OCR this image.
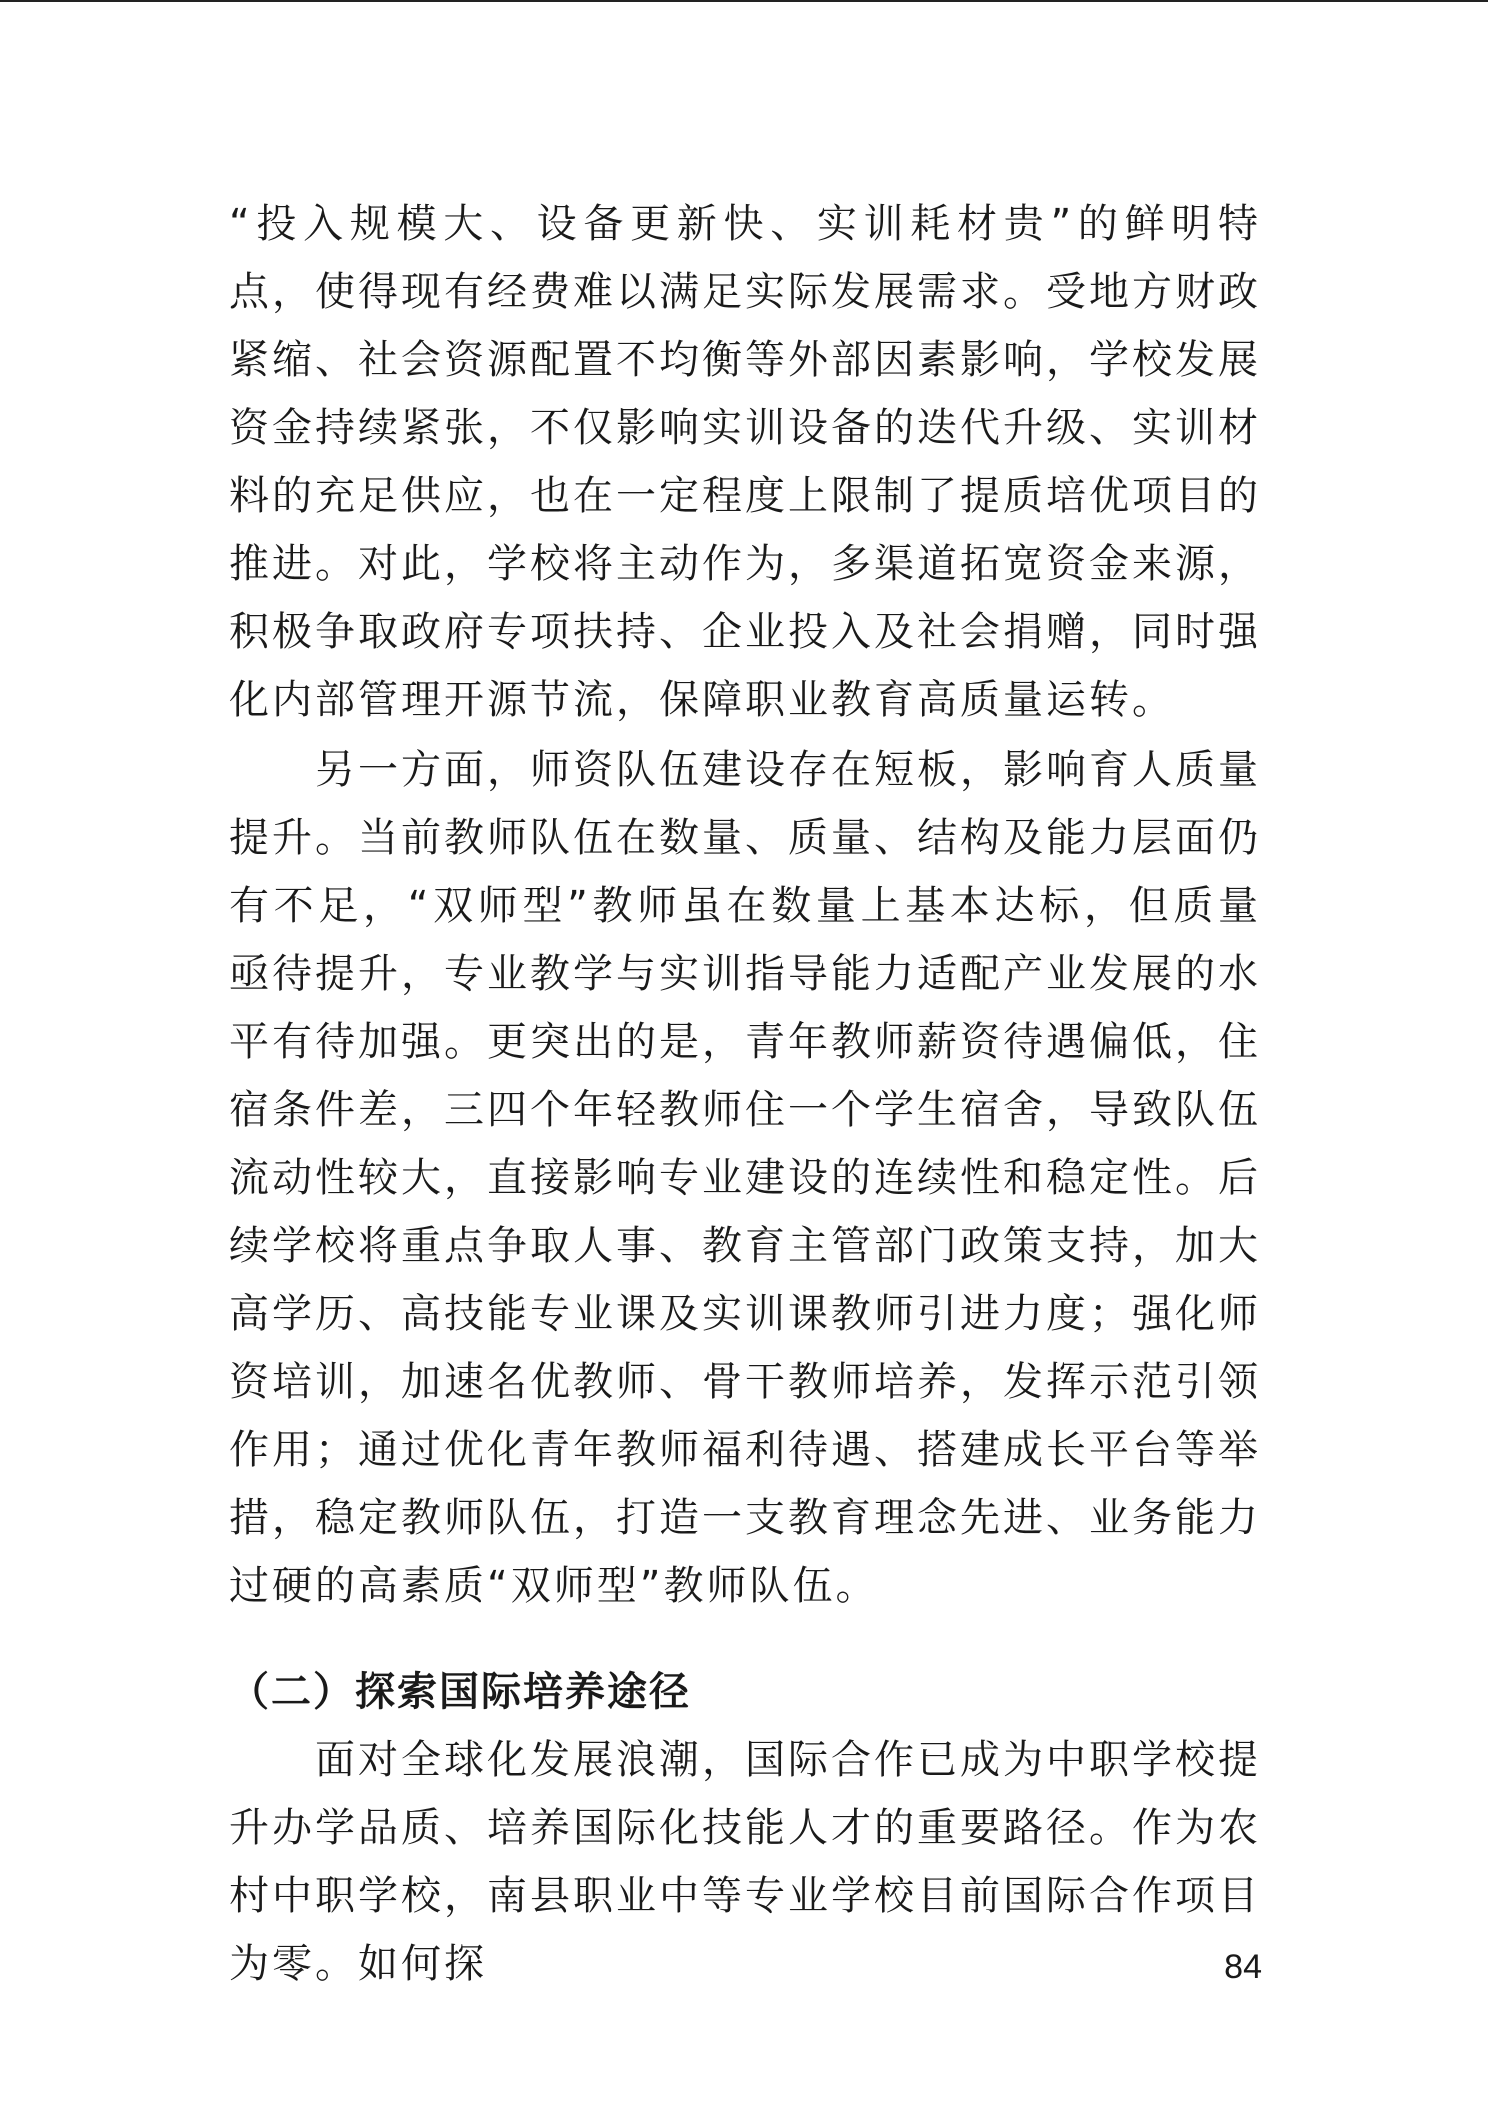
“投入规模大、设备更新快、实训耗材贵”的鲜明特点，使得现有经费难以满足实际发展需求。受地方财政紧缩、社会资源配置不均衡等外部因素影响，学校发展资金持续紧张，不仅影响实训设备的迭代升级、实训材料的充足供应，也在一定程度上限制了提质培优项目的推进。对此，学校将主动作为，多渠道拓宽资金来源，积极争取政府专项扶持、企业投入及社会捐赠，同时强化内部管理开源节流，保障职业教育高质量运转。

另一方面，师资队伍建设存在短板，影响育人质量提升。当前教师队伍在数量、质量、结构及能力层面仍有不足，“双师型”教师虽在数量上基本达标，但质量亟待提升，专业教学与实训指导能力适配产业发展的水平有待加强。更突出的是，青年教师薪资待遇偏低，住宿条件差，三四个年轻教师住一个学生宿舍，导致队伍流动性较大，直接影响专业建设的连续性和稳定性。后续学校将重点争取人事、教育主管部门政策支持，加大高学历、高技能专业课及实训课教师引进力度；强化师资培训，加速名优教师、骨干教师培养，发挥示范引领作用；通过优化青年教师福利待遇、搭建成长平台等举措，稳定教师队伍，打造一支教育理念先进、业务能力过硬的高素质“双师型”教师队伍。

（二）探索国际培养途径

面对全球化发展浪潮，国际合作已成为中职学校提升办学品质、培养国际化技能人才的重要路径。作为农村中职学校，南县职业中等专业学校目前国际合作项目为零。如何探	84
